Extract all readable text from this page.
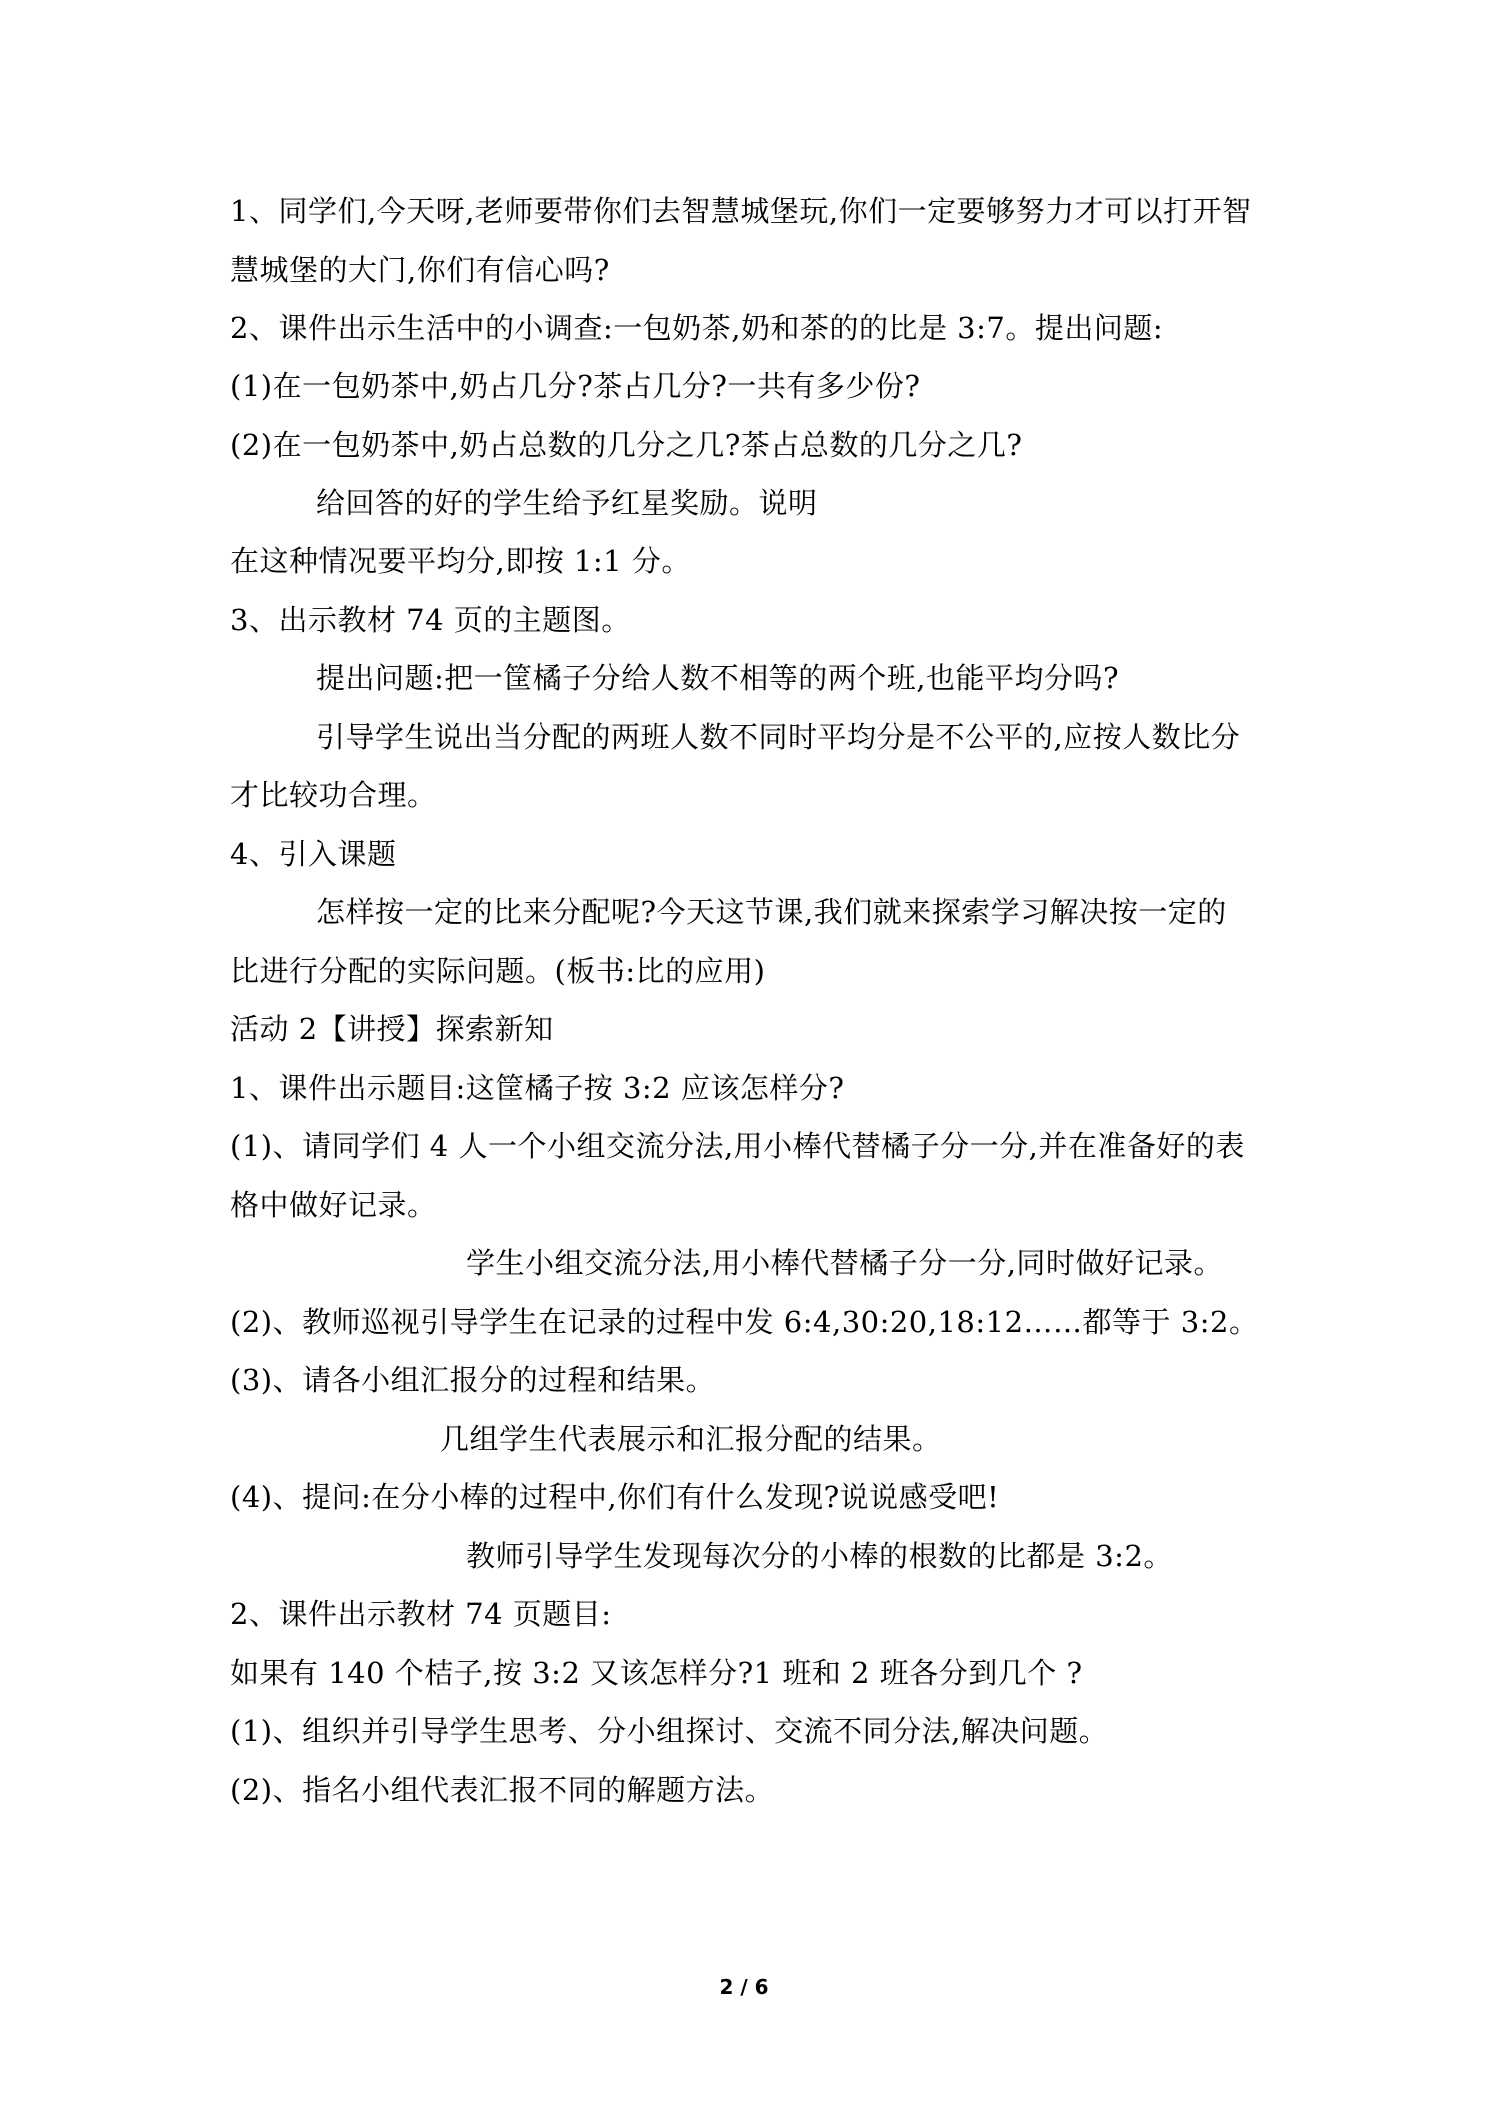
1、同学们,今天呀,老师要带你们去智慧城堡玩,你们一定要够努力才可以打开智
慧城堡的大门,你们有信心吗?
2、课件出示生活中的小调查:一包奶茶,奶和茶的的比是 3:7。提出问题:
(1)在一包奶茶中,奶占几分?茶占几分?一共有多少份?
(2)在一包奶茶中,奶占总数的几分之几?茶占总数的几分之几?
给回答的好的学生给予红星奖励。说明
在这种情况要平均分,即按 1:1 分。
3、出示教材 74 页的主题图。
提出问题:把一筐橘子分给人数不相等的两个班,也能平均分吗?
引导学生说出当分配的两班人数不同时平均分是不公平的,应按人数比分
才比较功合理。
4、引入课题
怎样按一定的比来分配呢?今天这节课,我们就来探索学习解决按一定的
比进行分配的实际问题。(板书:比的应用)
活动 2【讲授】探索新知
1、课件出示题目:这筐橘子按 3:2 应该怎样分?
(1)、请同学们 4 人一个小组交流分法,用小棒代替橘子分一分,并在准备好的表
格中做好记录。
学生小组交流分法,用小棒代替橘子分一分,同时做好记录。
(2)、教师巡视引导学生在记录的过程中发 6:4,30:20,18:12……都等于 3:2。
(3)、请各小组汇报分的过程和结果。
几组学生代表展示和汇报分配的结果。
(4)、提问:在分小棒的过程中,你们有什么发现?说说感受吧!
教师引导学生发现每次分的小棒的根数的比都是 3:2。
2、课件出示教材 74 页题目:
如果有 140 个桔子,按 3:2 又该怎样分?1 班和 2 班各分到几个 ?
(1)、组织并引导学生思考、分小组探讨、交流不同分法,解决问题。
(2)、指名小组代表汇报不同的解题方法。
2 / 6
